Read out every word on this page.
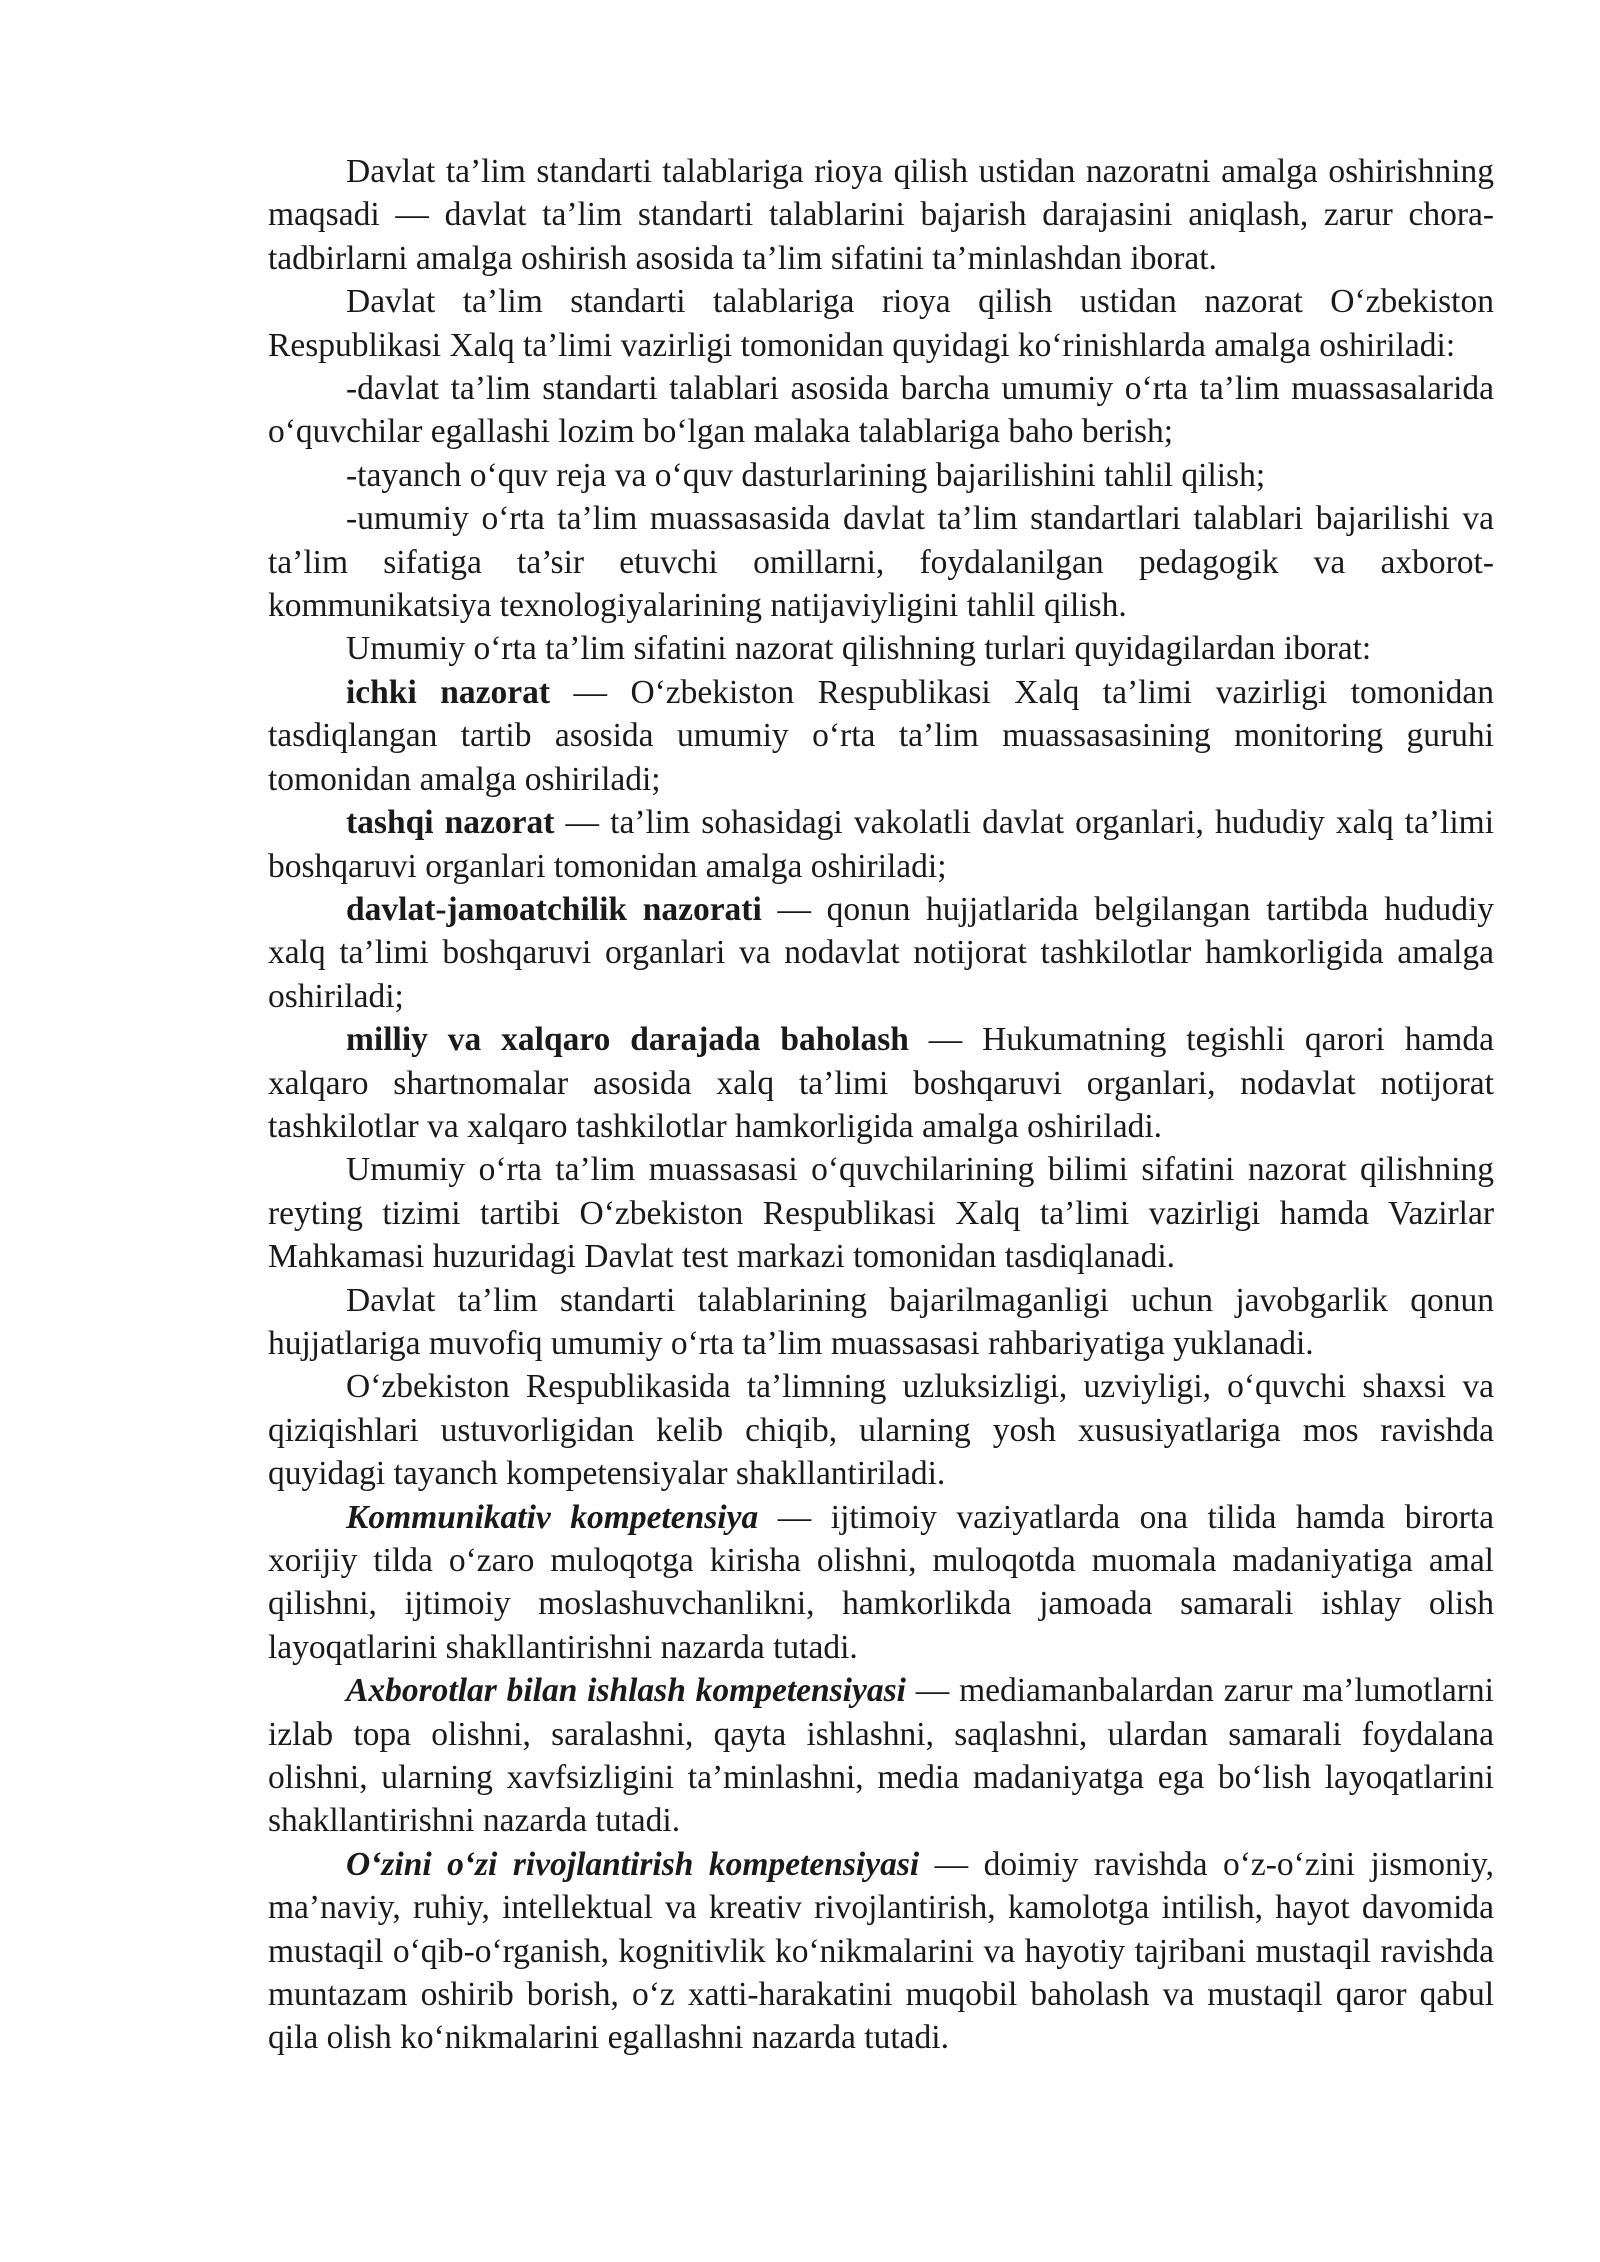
Davlat ta’lim standarti talablariga rioya qilish ustidan nazoratni amalga oshirishning maqsadi — davlat ta’lim standarti talablarini bajarish darajasini aniqlash, zarur chora-tadbirlarni amalga oshirish asosida ta’lim sifatini ta’minlashdan iborat.

Davlat ta’lim standarti talablariga rioya qilish ustidan nazorat O‘zbekiston Respublikasi Xalq ta’limi vazirligi tomonidan quyidagi ko‘rinishlarda amalga oshiriladi:

-davlat ta’lim standarti talablari asosida barcha umumiy o‘rta ta’lim muassasalarida o‘quvchilar egallashi lozim bo‘lgan malaka talablariga baho berish;

-tayanch o‘quv reja va o‘quv dasturlarining bajarilishini tahlil qilish;

-umumiy o‘rta ta’lim muassasasida davlat ta’lim standartlari talablari bajarilishi va ta’lim sifatiga ta’sir etuvchi omillarni, foydalanilgan pedagogik va axborot-kommunikatsiya texnologiyalarining natijaviyligini tahlil qilish.

Umumiy o‘rta ta’lim sifatini nazorat qilishning turlari quyidagilardan iborat:

ichki nazorat — O‘zbekiston Respublikasi Xalq ta’limi vazirligi tomonidan tasdiqlangan tartib asosida umumiy o‘rta ta’lim muassasasining monitoring guruhi tomonidan amalga oshiriladi;

tashqi nazorat — ta’lim sohasidagi vakolatli davlat organlari, hududiy xalq ta’limi boshqaruvi organlari tomonidan amalga oshiriladi;

davlat-jamoatchilik nazorati — qonun hujjatlarida belgilangan tartibda hududiy xalq ta’limi boshqaruvi organlari va nodavlat notijorat tashkilotlar hamkorligida amalga oshiriladi;

milliy va xalqaro darajada baholash — Hukumatning tegishli qarori hamda xalqaro shartnomalar asosida xalq ta’limi boshqaruvi organlari, nodavlat notijorat tashkilotlar va xalqaro tashkilotlar hamkorligida amalga oshiriladi.

Umumiy o‘rta ta’lim muassasasi o‘quvchilarining bilimi sifatini nazorat qilishning reyting tizimi tartibi O‘zbekiston Respublikasi Xalq ta’limi vazirligi hamda Vazirlar Mahkamasi huzuridagi Davlat test markazi tomonidan tasdiqlanadi.

Davlat ta’lim standarti talablarining bajarilmaganligi uchun javobgarlik qonun hujjatlariga muvofiq umumiy o‘rta ta’lim muassasasi rahbariyatiga yuklanadi.

O‘zbekiston Respublikasida ta’limning uzluksizligi, uzviyligi, o‘quvchi shaxsi va qiziqishlari ustuvorligidan kelib chiqib, ularning yosh xususiyatlariga mos ravishda quyidagi tayanch kompetensiyalar shakllantiriladi.

Kommunikativ kompetensiya — ijtimoiy vaziyatlarda ona tilida hamda birorta xorijiy tilda o‘zaro muloqotga kirisha olishni, muloqotda muomala madaniyatiga amal qilishni, ijtimoiy moslashuvchanlikni, hamkorlikda jamoada samarali ishlay olish layoqatlarini shakllantirishni nazarda tutadi.

Axborotlar bilan ishlash kompetensiyasi — mediamanbalardan zarur ma’lumotlarni izlab topa olishni, saralashni, qayta ishlashni, saqlashni, ulardan samarali foydalana olishni, ularning xavfsizligini ta’minlashni, media madaniyatga ega bo‘lish layoqatlarini shakllantirishni nazarda tutadi.

O‘zini o‘zi rivojlantirish kompetensiyasi — doimiy ravishda o‘z-o‘zini jismoniy, ma’naviy, ruhiy, intellektual va kreativ rivojlantirish, kamolotga intilish, hayot davomida mustaqil o‘qib-o‘rganish, kognitivlik ko‘nikmalarini va hayotiy tajribani mustaqil ravishda muntazam oshirib borish, o‘z xatti-harakatini muqobil baholash va mustaqil qaror qabul qila olish ko‘nikmalarini egallashni nazarda tutadi.
